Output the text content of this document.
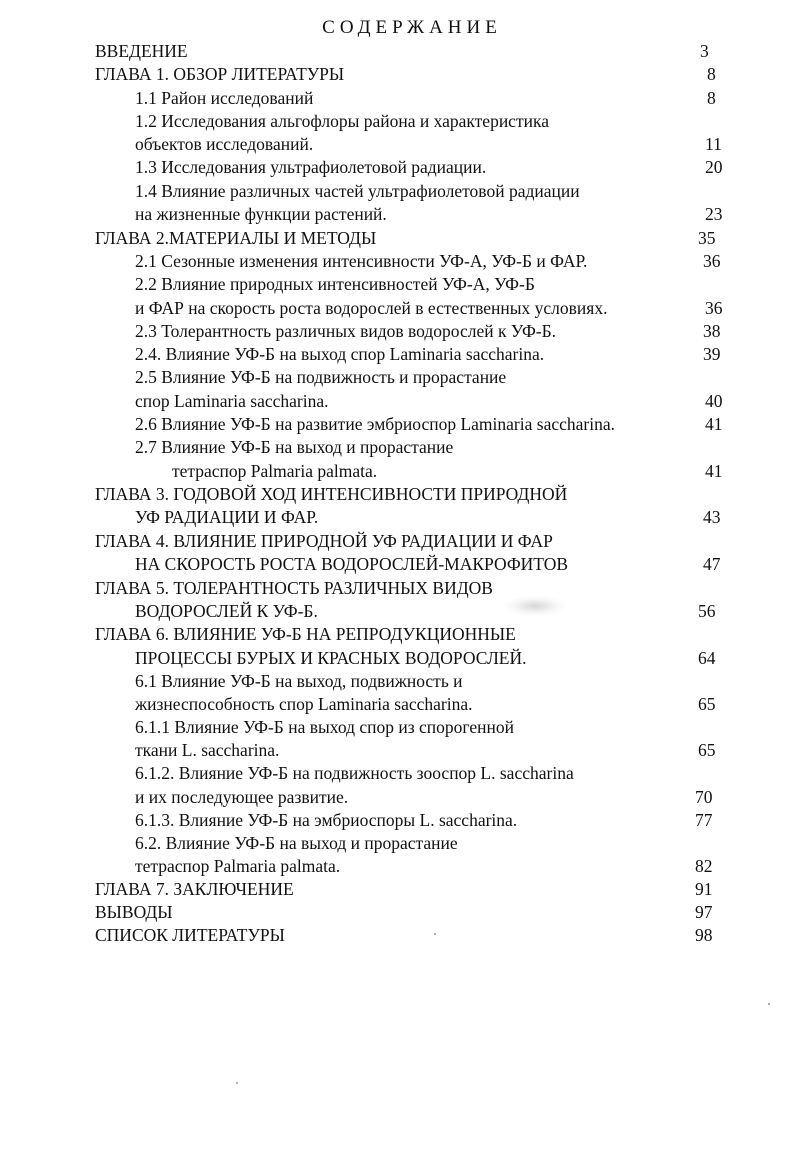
СОДЕРЖАНИЕ
ВВЕДЕНИЕ	3
ГЛАВА 1. ОБЗОР ЛИТЕРАТУРЫ	8
1.1 Район исследований	8
1.2 Исследования альгофлоры района и характеристика
объектов исследований.	11
1.3 Исследования ультрафиолетовой радиации.	20
1.4 Влияние различных частей ультрафиолетовой радиации
на жизненные функции растений.	23
ГЛАВА 2.МАТЕРИАЛЫ И МЕТОДЫ	35
2.1 Сезонные изменения интенсивности УФ-А, УФ-Б и ФАР.	36
2.2 Влияние природных интенсивностей УФ-А, УФ-Б
и ФАР на скорость роста водорослей в естественных условиях.	36
2.3 Толерантность различных видов водорослей к УФ-Б.	38
2.4. Влияние УФ-Б на выход спор Laminaria saccharina.	39
2.5 Влияние УФ-Б на подвижность и прорастание
спор Laminaria saccharina.	40
2.6 Влияние УФ-Б на развитие эмбриоспор Laminaria saccharina.	41
2.7 Влияние УФ-Б на выход и прорастание
тетраспор Palmaria palmata.	41
ГЛАВА 3. ГОДОВОЙ ХОД ИНТЕНСИВНОСТИ ПРИРОДНОЙ
УФ РАДИАЦИИ И ФАР.	43
ГЛАВА 4. ВЛИЯНИЕ ПРИРОДНОЙ УФ РАДИАЦИИ И ФАР
НА СКОРОСТЬ РОСТА ВОДОРОСЛЕЙ-МАКРОФИТОВ	47
ГЛАВА 5. ТОЛЕРАНТНОСТЬ РАЗЛИЧНЫХ ВИДОВ
ВОДОРОСЛЕЙ К УФ-Б.	56
ГЛАВА 6. ВЛИЯНИЕ УФ-Б НА РЕПРОДУКЦИОННЫЕ
ПРОЦЕССЫ БУРЫХ И КРАСНЫХ ВОДОРОСЛЕЙ.	64
6.1 Влияние УФ-Б на выход, подвижность и
жизнеспособность спор Laminaria saccharina.	65
6.1.1 Влияние УФ-Б на выход спор из спорогенной
ткани L. saccharina.	65
6.1.2. Влияние УФ-Б на подвижность зооспор L. saccharina
и их последующее развитие.	70
6.1.3. Влияние УФ-Б на эмбриоспоры L. saccharina.	77
6.2. Влияние УФ-Б на выход и прорастание
тетраспор Palmaria palmata.	82
ГЛАВА 7. ЗАКЛЮЧЕНИЕ	91
ВЫВОДЫ	97
СПИСОК ЛИТЕРАТУРЫ	98
